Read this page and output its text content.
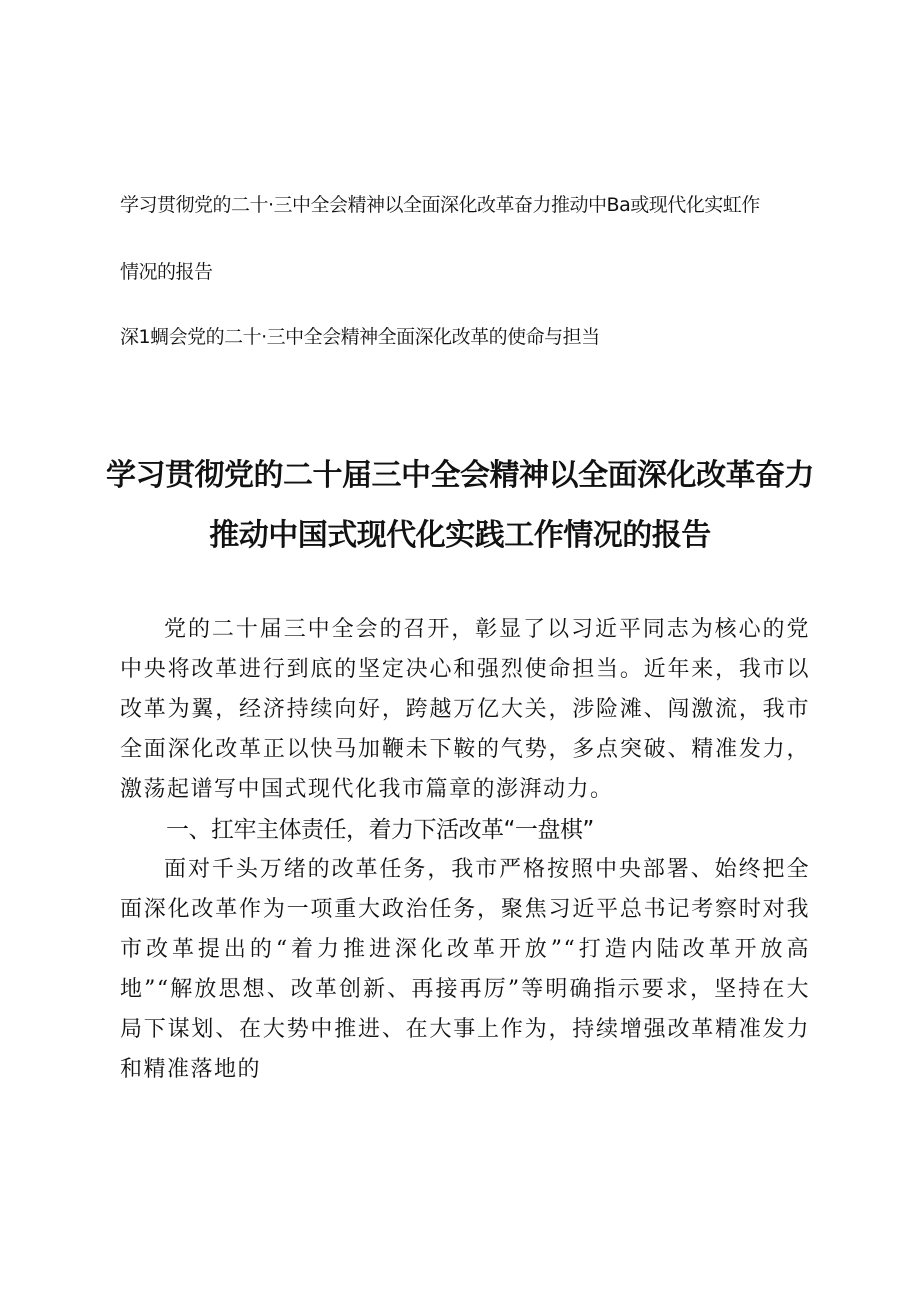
学习贯彻党的二十·三中全会精神以全面深化改革奋力推动中Ba或现代化实虹作
情况的报告
深1蜩会党的二十·三中全会精神全面深化改革的使命与担当
学习贯彻党的二十届三中全会精神以全面深化改革奋力
推动中国式现代化实践工作情况的报告

党的二十届三中全会的召开，彰显了以习近平同志为核心的党中央将改革进行到底的坚定决心和强烈使命担当。近年来，我市以改革为翼，经济持续向好，跨越万亿大关，涉险滩、闯激流，我市全面深化改革正以快马加鞭未下鞍的气势，多点突破、精准发力，激荡起谱写中国式现代化我市篇章的澎湃动力。

一、扛牢主体责任，着力下活改革“一盘棋”

面对千头万绪的改革任务，我市严格按照中央部署、始终把全面深化改革作为一项重大政治任务，聚焦习近平总书记考察时对我市改革提出的“着力推进深化改革开放”“打造内陆改革开放高地”“解放思想、改革创新、再接再厉”等明确指示要求，坚持在大局下谋划、在大势中推进、在大事上作为，持续增强改革精准发力和精准落地的
